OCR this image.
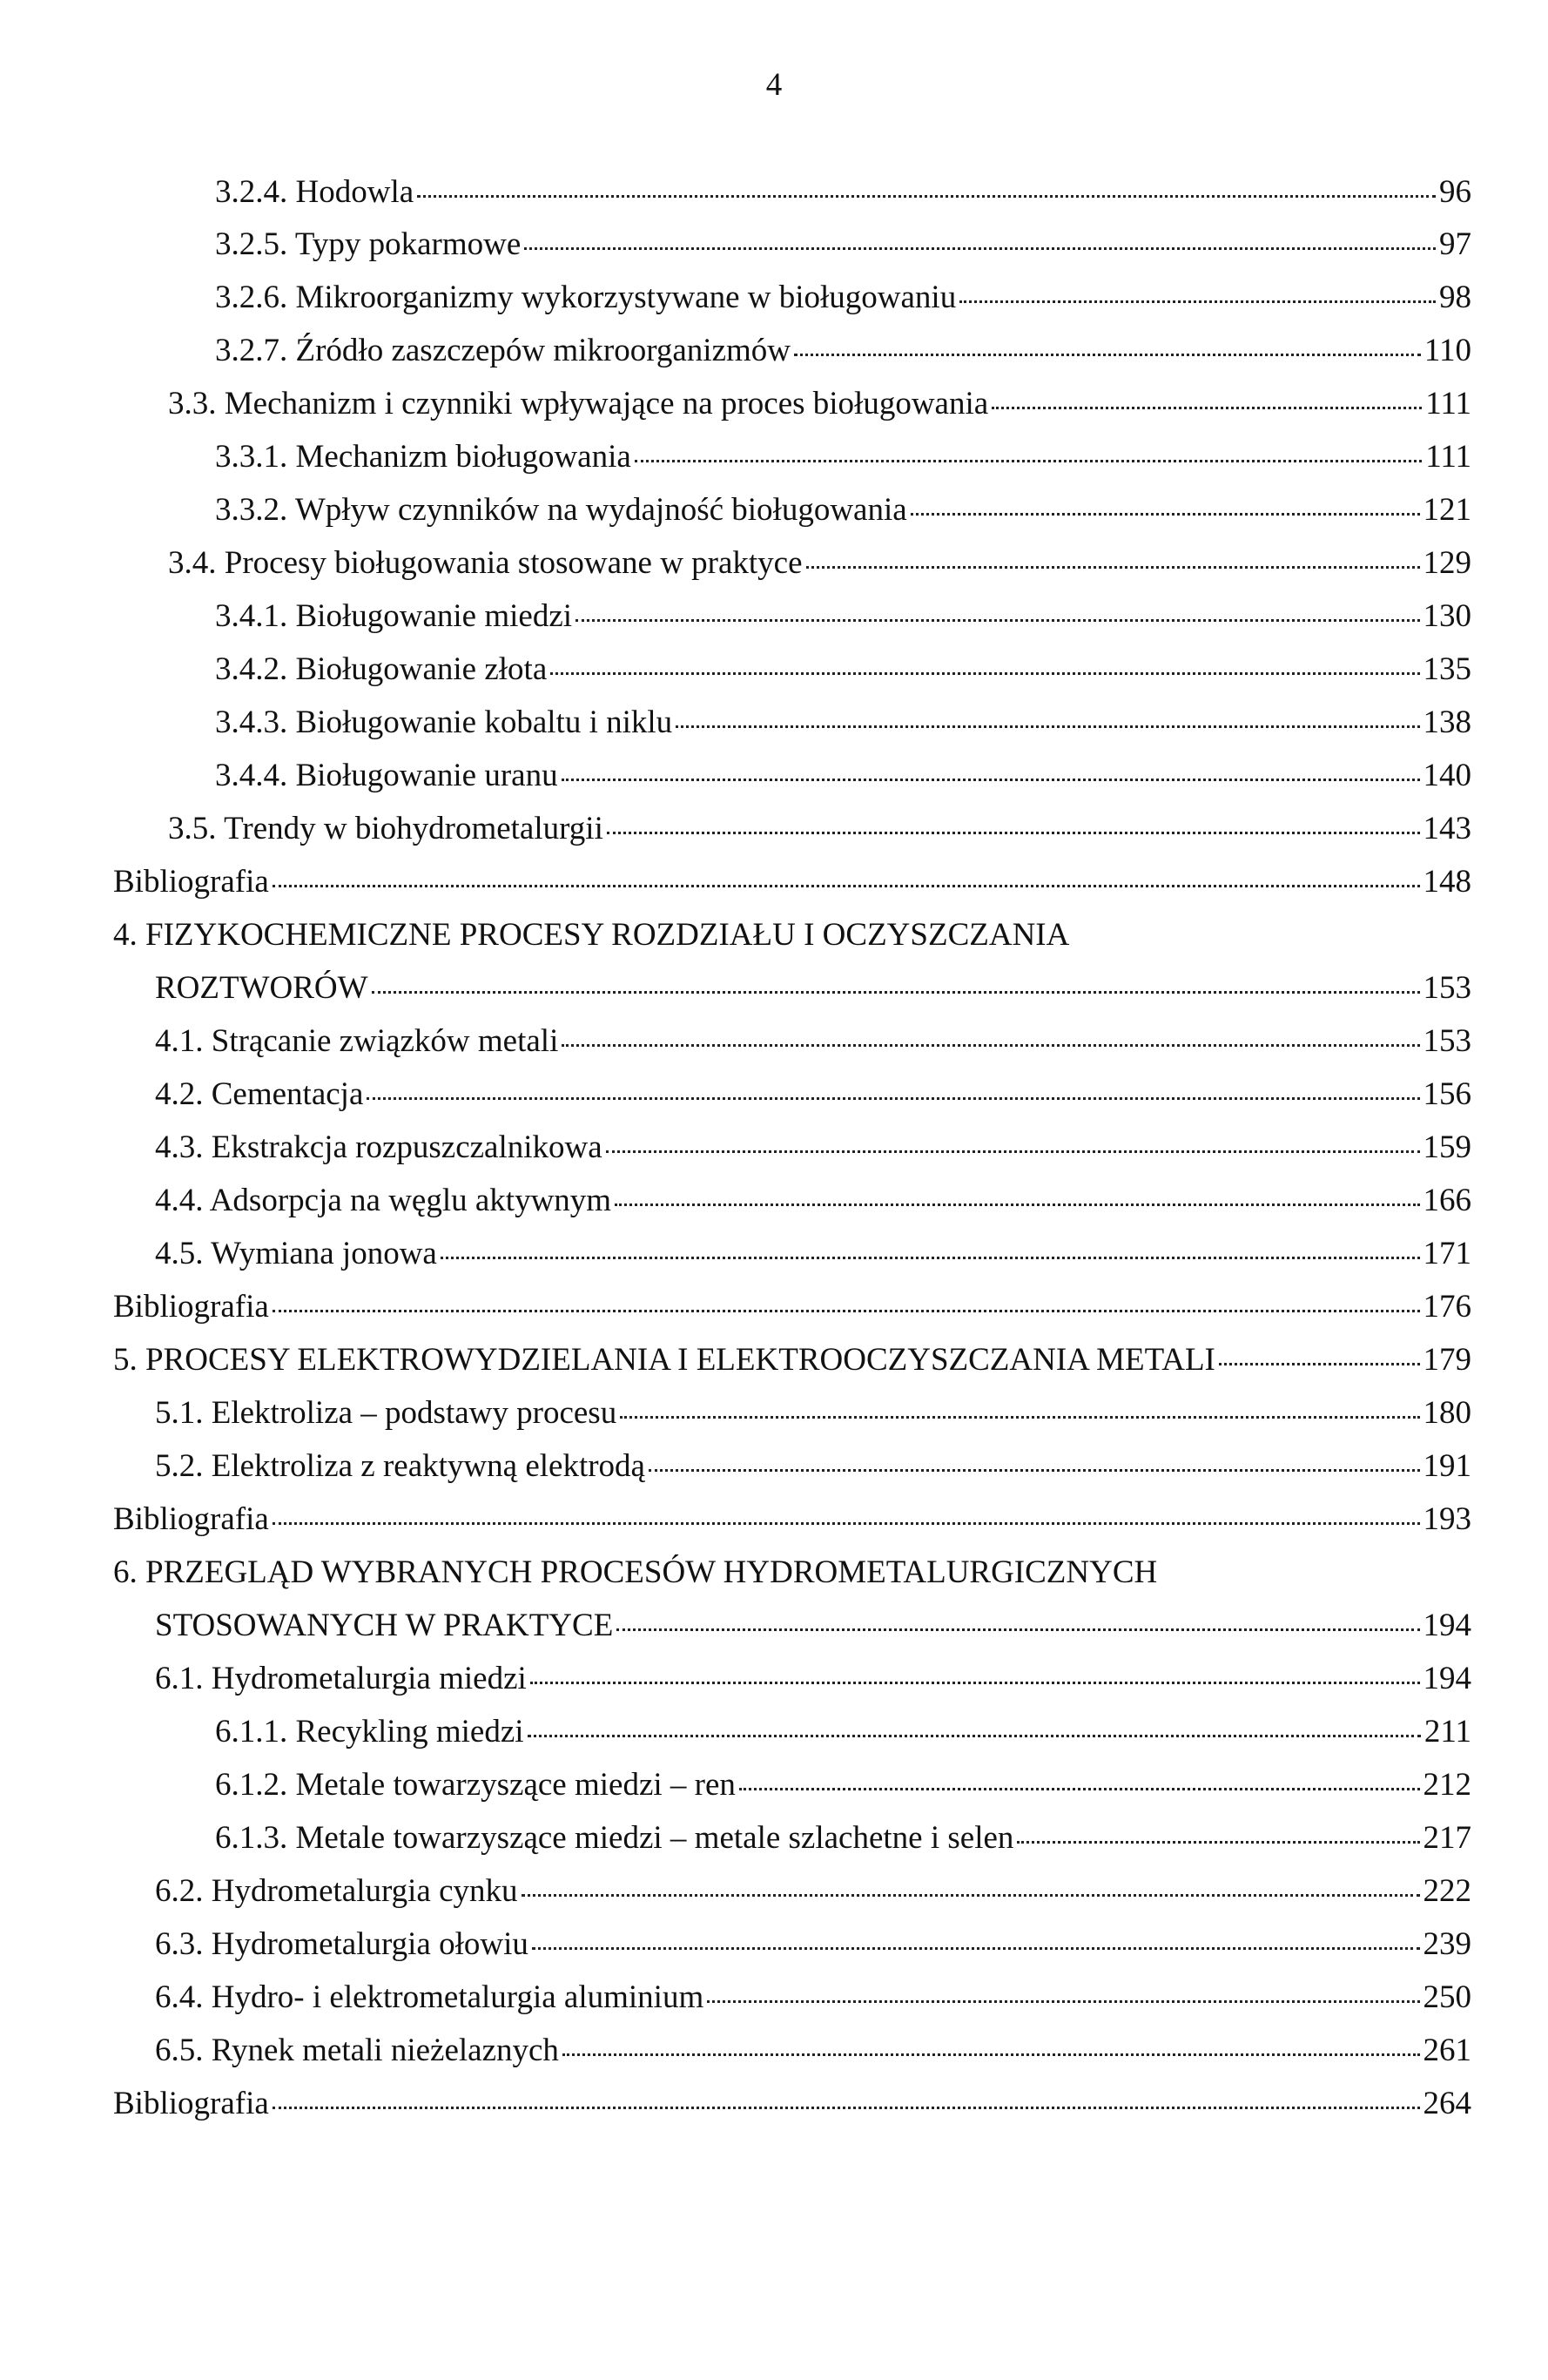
4
3.2.4. Hodowla	96
3.2.5. Typy pokarmowe	97
3.2.6. Mikroorganizmy wykorzystywane w bioługowaniu	98
3.2.7. Źródło zaszczepów mikroorganizmów	110
3.3. Mechanizm i czynniki wpływające na proces bioługowania	111
3.3.1. Mechanizm bioługowania	111
3.3.2. Wpływ czynników na wydajność bioługowania	121
3.4. Procesy bioługowania stosowane w praktyce	129
3.4.1. Bioługowanie miedzi	130
3.4.2. Bioługowanie złota	135
3.4.3. Bioługowanie kobaltu i niklu	138
3.4.4. Bioługowanie uranu	140
3.5. Trendy w biohydrometalurgii	143
Bibliografia	148
4. FIZYKOCHEMICZNE PROCESY ROZDZIAŁU I OCZYSZCZANIA
ROZTWORÓW	153
4.1. Strącanie związków metali	153
4.2. Cementacja	156
4.3. Ekstrakcja rozpuszczalnikowa	159
4.4. Adsorpcja na węglu aktywnym	166
4.5. Wymiana jonowa	171
Bibliografia	176
5. PROCESY ELEKTROWYDZIELANIA I ELEKTROOCZYSZCZANIA METALI	179
5.1. Elektroliza – podstawy procesu	180
5.2. Elektroliza z reaktywną elektrodą	191
Bibliografia	193
6. PRZEGLĄD WYBRANYCH PROCESÓW HYDROMETALURGICZNYCH
STOSOWANYCH W PRAKTYCE	194
6.1. Hydrometalurgia miedzi	194
6.1.1. Recykling miedzi	211
6.1.2. Metale towarzyszące miedzi – ren	212
6.1.3. Metale towarzyszące miedzi – metale szlachetne i selen	217
6.2. Hydrometalurgia cynku	222
6.3. Hydrometalurgia ołowiu	239
6.4. Hydro- i elektrometalurgia aluminium	250
6.5. Rynek metali nieżelaznych	261
Bibliografia	264
